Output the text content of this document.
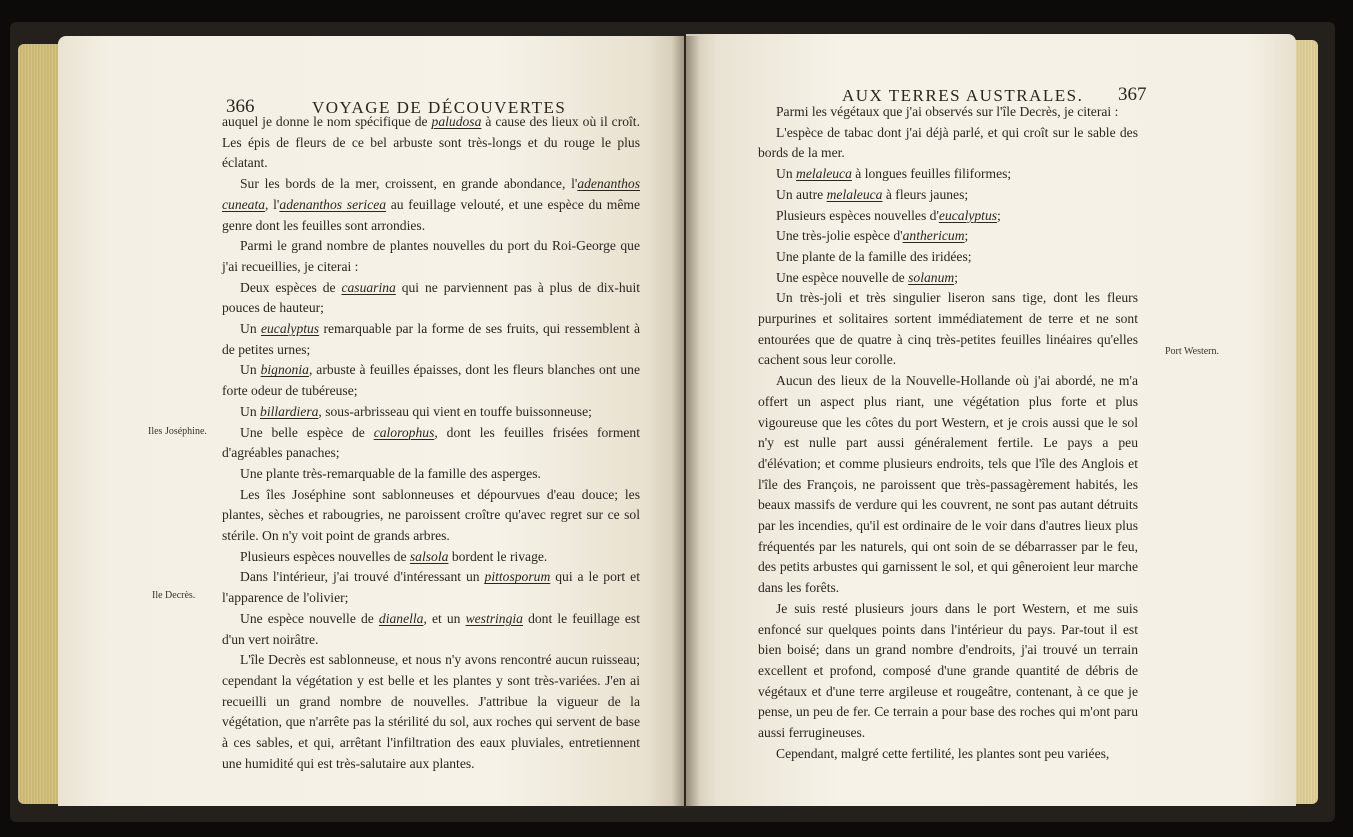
366	VOYAGE DE DÉCOUVERTES
AUX TERRES AUSTRALES. 367

auquel je donne le nom spécifique de paludosa à cause des lieux où il croît. Les épis de fleurs de ce bel arbuste sont très-longs et du rouge le plus éclatant.

Sur les bords de la mer, croissent, en grande abondance, l'adenanthos cuneata, l'adenanthos sericea au feuillage velouté, et une espèce du même genre dont les feuilles sont arrondies.

Parmi le grand nombre de plantes nouvelles du port du Roi-George que j'ai recueillies, je citerai :

Deux espèces de casuarina qui ne parviennent pas à plus de dix-huit pouces de hauteur;

Un eucalyptus remarquable par la forme de ses fruits, qui ressemblent à de petites urnes;

Un bignonia, arbuste à feuilles épaisses, dont les fleurs blanches ont une forte odeur de tubéreuse;

Un billardiera, sous-arbrisseau qui vient en touffe buissonneuse;

Une belle espèce de calorophus, dont les feuilles frisées forment d'agréables panaches;

Une plante très-remarquable de la famille des asperges.

Les îles Joséphine sont sablonneuses et dépourvues d'eau douce; les plantes, sèches et rabougries, ne paroissent croître qu'avec regret sur ce sol stérile. On n'y voit point de grands arbres.

Plusieurs espèces nouvelles de salsola bordent le rivage.

Dans l'intérieur, j'ai trouvé d'intéressant un pittosporum qui a le port et l'apparence de l'olivier;

Une espèce nouvelle de dianella, et un westringia dont le feuillage est d'un vert noirâtre.

L'île Decrès est sablonneuse, et nous n'y avons rencontré aucun ruisseau; cependant la végétation y est belle et les plantes y sont très-variées. J'en ai recueilli un grand nombre de nouvelles. J'attribue la vigueur de la végétation, que n'arrête pas la stérilité du sol, aux roches qui servent de base à ces sables, et qui, arrêtant l'infiltration des eaux pluviales, entretiennent une humidité qui est très-salutaire aux plantes.

Parmi les végétaux que j'ai observés sur l'île Decrès, je citerai :

L'espèce de tabac dont j'ai déjà parlé, et qui croît sur le sable des bords de la mer.

Un melaleuca à longues feuilles filiformes;

Un autre melaleuca à fleurs jaunes;

Plusieurs espèces nouvelles d'eucalyptus;

Une très-jolie espèce d'anthericum;

Une plante de la famille des iridées;

Une espèce nouvelle de solanum;

Un très-joli et très singulier liseron sans tige, dont les fleurs purpurines et solitaires sortent immédiatement de terre et ne sont entourées que de quatre à cinq très-petites feuilles linéaires qu'elles cachent sous leur corolle.

Aucun des lieux de la Nouvelle-Hollande où j'ai abordé, ne m'a offert un aspect plus riant, une végétation plus forte et plus vigoureuse que les côtes du port Western, et je crois aussi que le sol n'y est nulle part aussi généralement fertile. Le pays a peu d'élévation; et comme plusieurs endroits, tels que l'île des Anglois et l'île des François, ne paroissent que très-passagèrement habités, les beaux massifs de verdure qui les couvrent, ne sont pas autant détruits par les incendies, qu'il est ordinaire de le voir dans d'autres lieux plus fréquentés par les naturels, qui ont soin de se débarrasser par le feu, des petits arbustes qui garnissent le sol, et qui gêneroient leur marche dans les forêts.

Je suis resté plusieurs jours dans le port Western, et me suis enfoncé sur quelques points dans l'intérieur du pays. Par-tout il est bien boisé; dans un grand nombre d'endroits, j'ai trouvé un terrain excellent et profond, composé d'une grande quantité de débris de végétaux et d'une terre argileuse et rougeâtre, contenant, à ce que je pense, un peu de fer. Ce terrain a pour base des roches qui m'ont paru aussi ferrugineuses.

Cependant, malgré cette fertilité, les plantes sont peu variées,

Iles Joséphine.
Ile Decrès.
Port Western.
